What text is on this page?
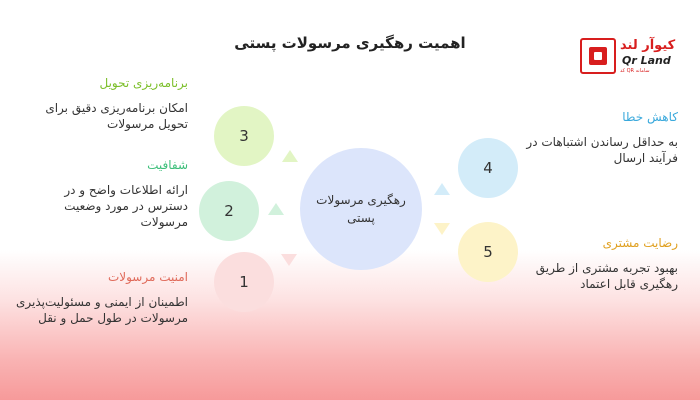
اهمیت رهگیری مرسولات پستی	کیوآر لند
Qr Land
سامانه QR کد
رهگیری مرسولات پستی
3
2
1
4
5
برنامه‌ریزی تحویل
امکان برنامه‌ریزی دقیق برای تحویل مرسولات
شفافیت
ارائه اطلاعات واضح و در دسترس در مورد وضعیت مرسولات
امنیت مرسولات
اطمینان از ایمنی و مسئولیت‌پذیری مرسولات در طول حمل و نقل
کاهش خطا
به حداقل رساندن اشتباهات در فرآیند ارسال
رضایت مشتری
بهبود تجربه مشتری از طریق رهگیری قابل اعتماد
